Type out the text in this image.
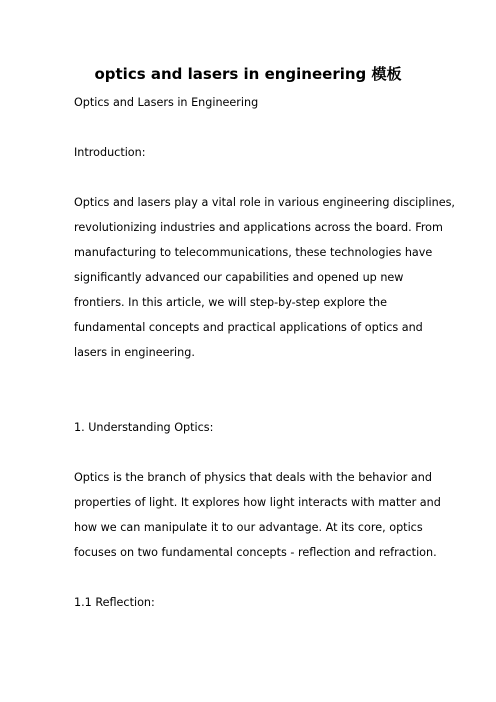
optics and lasers in engineering 模板
Optics and Lasers in Engineering
Introduction:
Optics and lasers play a vital role in various engineering disciplines,
revolutionizing industries and applications across the board. From
manufacturing to telecommunications, these technologies have
significantly advanced our capabilities and opened up new
frontiers. In this article, we will step-by-step explore the
fundamental concepts and practical applications of optics and
lasers in engineering.
1. Understanding Optics:
Optics is the branch of physics that deals with the behavior and
properties of light. It explores how light interacts with matter and
how we can manipulate it to our advantage. At its core, optics
focuses on two fundamental concepts - reflection and refraction.
1.1 Reflection:
